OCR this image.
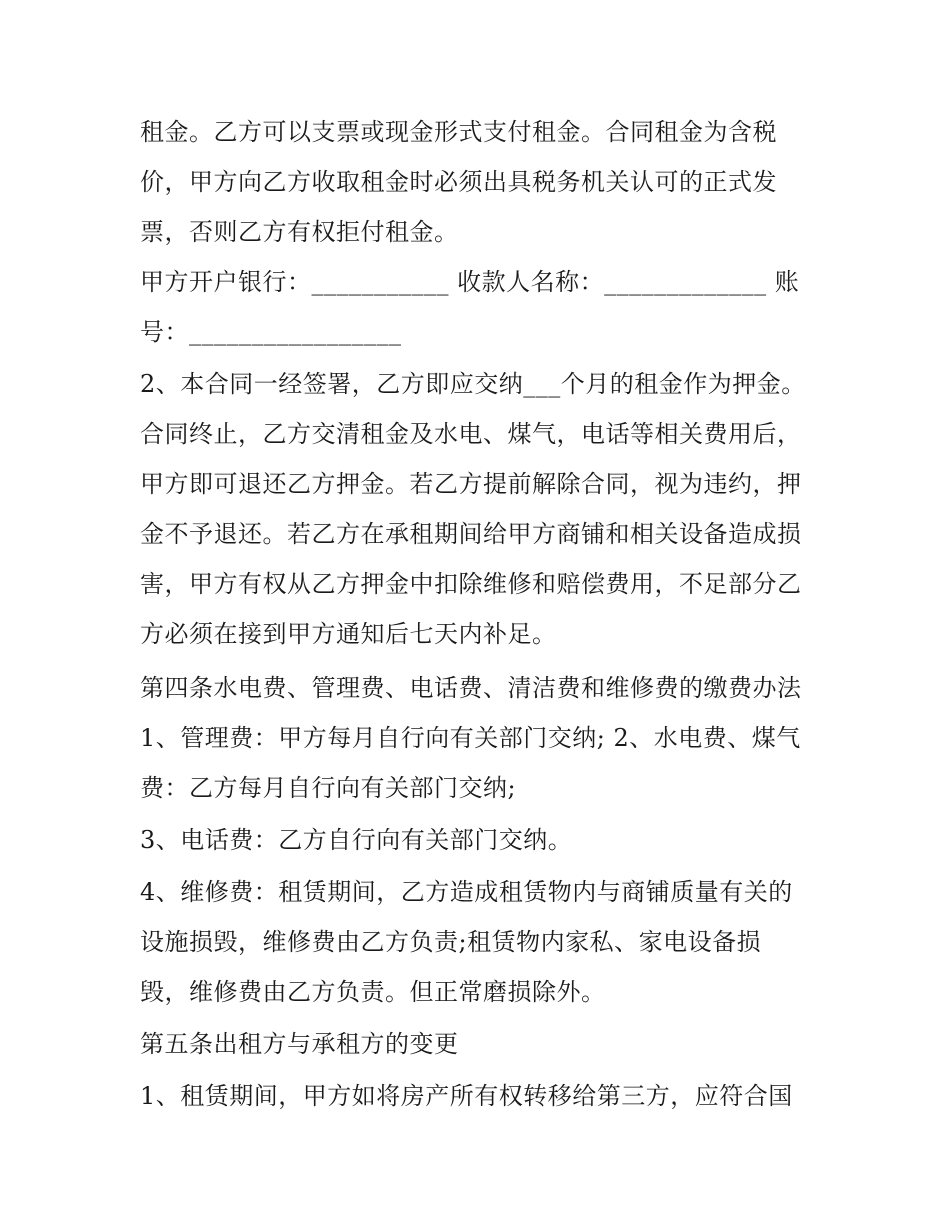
租金。乙方可以支票或现金形式支付租金。合同租金为含税

价，甲方向乙方收取租金时必须出具税务机关认可的正式发

票，否则乙方有权拒付租金。

甲方开户银行：___________ 收款人名称：_____________ 账

号：_________________

2、本合同一经签署，乙方即应交纳___个月的租金作为押金。

合同终止，乙方交清租金及水电、煤气，电话等相关费用后，

甲方即可退还乙方押金。若乙方提前解除合同，视为违约，押

金不予退还。若乙方在承租期间给甲方商铺和相关设备造成损

害，甲方有权从乙方押金中扣除维修和赔偿费用，不足部分乙

方必须在接到甲方通知后七天内补足。

第四条水电费、管理费、电话费、清洁费和维修费的缴费办法

1、管理费：甲方每月自行向有关部门交纳; 2、水电费、煤气

费：乙方每月自行向有关部门交纳;

3、电话费：乙方自行向有关部门交纳。

4、维修费：租赁期间，乙方造成租赁物内与商铺质量有关的

设施损毁，维修费由乙方负责;租赁物内家私、家电设备损

毁，维修费由乙方负责。但正常磨损除外。

第五条出租方与承租方的变更

1、租赁期间，甲方如将房产所有权转移给第三方，应符合国
